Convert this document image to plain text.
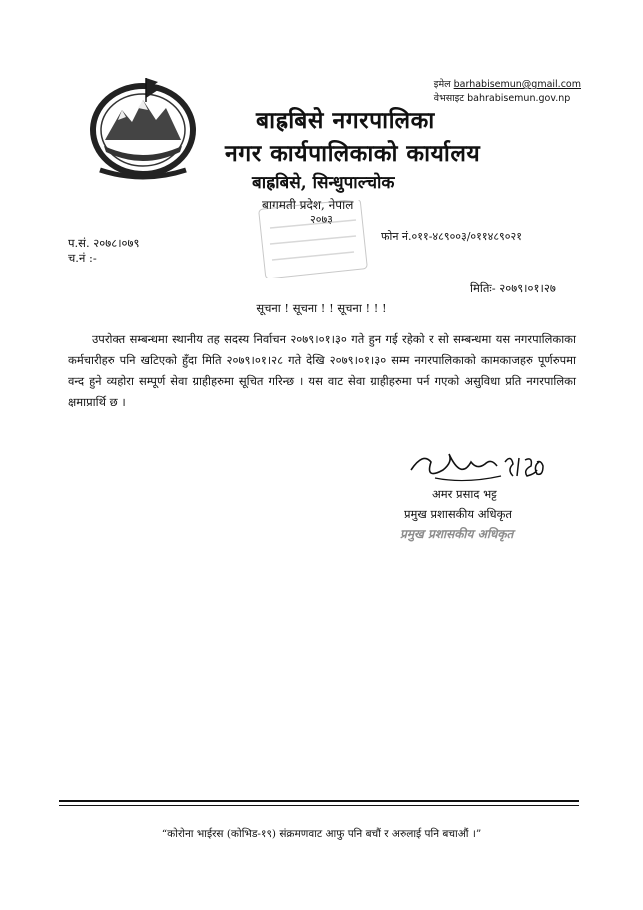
इमेल barhabisemun@gmail.com
वेभसाइट bahrabisemun.gov.np
बाह्रबिसे नगरपालिका
नगर कार्यपालिकाको कार्यालय
बाह्रबिसे, सिन्धुपाल्चोक
बागमती प्रदेश, नेपाल
२०७३
फोन नं.०११-४८९००३/०११४८९०२१
प.सं. २०७८।०७९
च.नं :-
मितिः- २०७९।०१।२७
सूचना ! सूचना ! ! सूचना ! ! !
उपरोक्त सम्बन्धमा स्थानीय तह सदस्य निर्वाचन २०७९।०१।३० गते हुन गई रहेको र सो सम्बन्धमा यस नगरपालिकाका कर्मचारीहरु पनि खटिएको हुँदा मिति २०७९।०१।२८ गते देखि २०७९।०१।३० सम्म नगरपालिकाको कामकाजहरु पूर्णरुपमा वन्द हुने व्यहोरा सम्पूर्ण सेवा ग्राहीहरुमा सूचित गरिन्छ । यस वाट सेवा ग्राहीहरुमा पर्न गएको असुविधा प्रति नगरपालिका क्षमाप्रार्थि छ ।
अमर प्रसाद भट्ट
प्रमुख प्रशासकीय अधिकृत
प्रमुख प्रशासकीय अधिकृत
“कोरोना भाईरस (कोभिड-१९) संक्रमणवाट आफु पनि बचौं र अरुलाई पनि बचाऔं ।”
